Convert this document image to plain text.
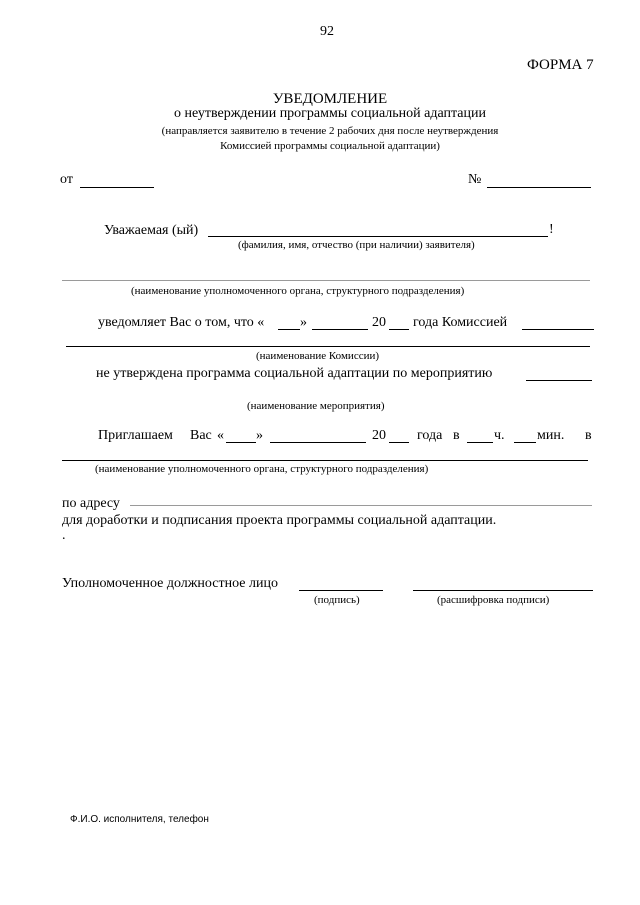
92
ФОРМА 7
УВЕДОМЛЕНИЕ
о неутверждении программы социальной адаптации
(направляется заявителю в течение 2 рабочих дня после неутверждения
Комиссией программы социальной адаптации)
от	№
Уважаемая (ый)	!
(фамилия, имя, отчество (при наличии) заявителя)
(наименование уполномоченного органа, структурного подразделения)
уведомляет Вас о том, что «	»	20 года Комиссией
(наименование Комиссии)
не утверждена программа социальной адаптации по мероприятию
(наименование мероприятия)
Приглашаем Вас « »	20 года в ч. мин. в
(наименование уполномоченного органа, структурного подразделения)
по адресу
для доработки и подписания проекта программы социальной адаптации.
.
Уполномоченное должностное лицо
(подпись)	(расшифровка подписи)
Ф.И.О. исполнителя, телефон
